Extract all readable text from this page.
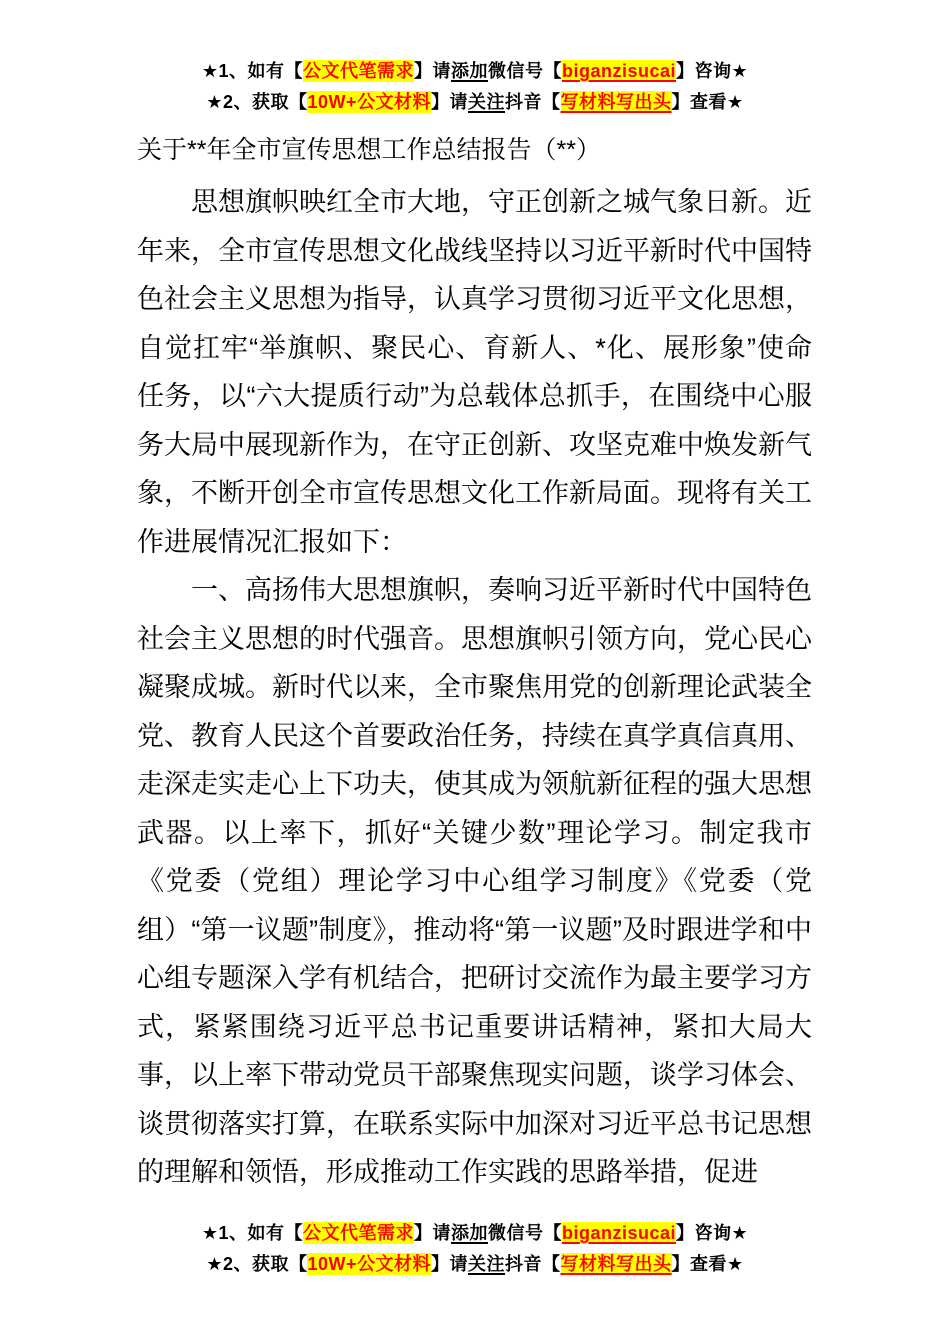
★1、如有【公文代笔需求】请添加微信号【biganzisucai】咨询★
★2、获取【10W+公文材料】请关注抖音【写材料写出头】查看★
关于**年全市宣传思想工作总结报告（**）

思想旗帜映红全市大地，守正创新之城气象日新。近年来，全市宣传思想文化战线坚持以习近平新时代中国特色社会主义思想为指导，认真学习贯彻习近平文化思想，自觉扛牢“举旗帜、聚民心、育新人、*化、展形象”使命任务，以“六大提质行动”为总载体总抓手，在围绕中心服务大局中展现新作为，在守正创新、攻坚克难中焕发新气象，不断开创全市宣传思想文化工作新局面。现将有关工作进展情况汇报如下：

一、高扬伟大思想旗帜，奏响习近平新时代中国特色社会主义思想的时代强音。思想旗帜引领方向，党心民心凝聚成城。新时代以来，全市聚焦用党的创新理论武装全党、教育人民这个首要政治任务，持续在真学真信真用、走深走实走心上下功夫，使其成为领航新征程的强大思想武器。以上率下，抓好“关键少数”理论学习。制定我市《党委（党组）理论学习中心组学习制度》《党委（党组）“第一议题”制度》，推动将“第一议题”及时跟进学和中心组专题深入学有机结合，把研讨交流作为最主要学习方式，紧紧围绕习近平总书记重要讲话精神，紧扣大局大事，以上率下带动党员干部聚焦现实问题，谈学习体会、谈贯彻落实打算，在联系实际中加深对习近平总书记思想的理解和领悟，形成推动工作实践的思路举措，促进

★1、如有【公文代笔需求】请添加微信号【biganzisucai】咨询★
★2、获取【10W+公文材料】请关注抖音【写材料写出头】查看★
